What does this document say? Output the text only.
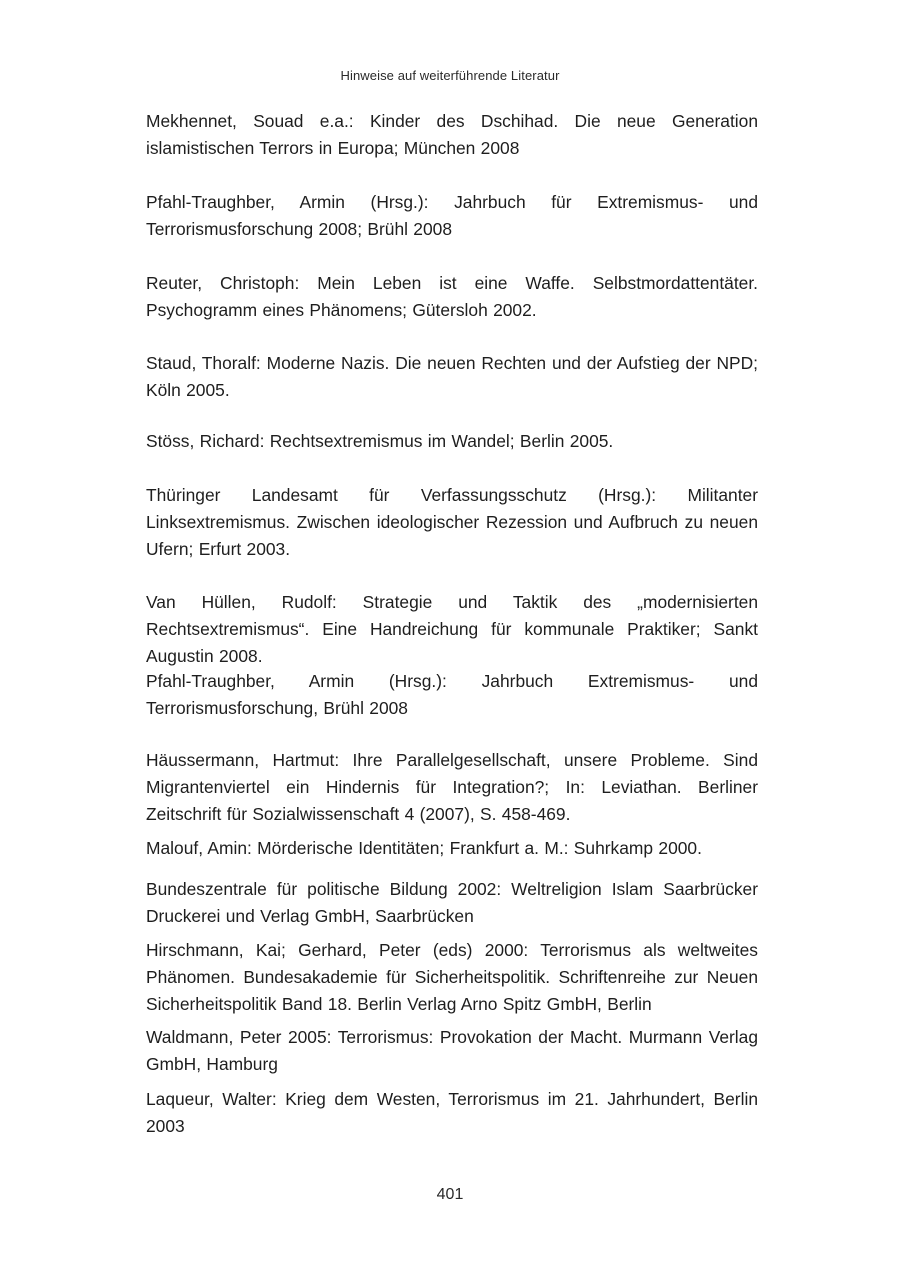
Hinweise auf weiterführende Literatur

Mekhennet, Souad e.a.: Kinder des Dschihad. Die neue Generation islamistischen Terrors in Europa; München 2008

Pfahl-Traughber, Armin (Hrsg.): Jahrbuch für Extremismus- und Terrorismusforschung 2008; Brühl 2008

Reuter, Christoph: Mein Leben ist eine Waffe. Selbstmordattentäter. Psychogramm eines Phänomens; Gütersloh 2002.

Staud, Thoralf: Moderne Nazis. Die neuen Rechten und der Aufstieg der NPD; Köln 2005.

Stöss, Richard: Rechtsextremismus im Wandel; Berlin 2005.

Thüringer Landesamt für Verfassungsschutz (Hrsg.): Militanter Linksextremismus. Zwischen ideologischer Rezession und Aufbruch zu neuen Ufern; Erfurt 2003.

Van Hüllen, Rudolf: Strategie und Taktik des „modernisierten Rechtsextremismus“. Eine Handreichung für kommunale Praktiker; Sankt Augustin 2008.

Pfahl-Traughber, Armin (Hrsg.): Jahrbuch Extremismus- und Terrorismusforschung, Brühl 2008

Häussermann, Hartmut: Ihre Parallelgesellschaft, unsere Probleme. Sind Migrantenviertel ein Hindernis für Integration?; In: Leviathan. Berliner Zeitschrift für Sozialwissenschaft 4 (2007), S. 458-469.

Malouf, Amin: Mörderische Identitäten; Frankfurt a. M.: Suhrkamp 2000.

Bundeszentrale für politische Bildung 2002: Weltreligion Islam Saarbrücker Druckerei und Verlag GmbH, Saarbrücken

Hirschmann, Kai; Gerhard, Peter (eds) 2000: Terrorismus als weltweites Phänomen. Bundesakademie für Sicherheitspolitik. Schriftenreihe zur Neuen Sicherheitspolitik Band 18. Berlin Verlag Arno Spitz GmbH, Berlin

Waldmann, Peter 2005: Terrorismus: Provokation der Macht. Murmann Verlag GmbH, Hamburg

Laqueur, Walter: Krieg dem Westen, Terrorismus im 21. Jahrhundert, Berlin 2003

401
